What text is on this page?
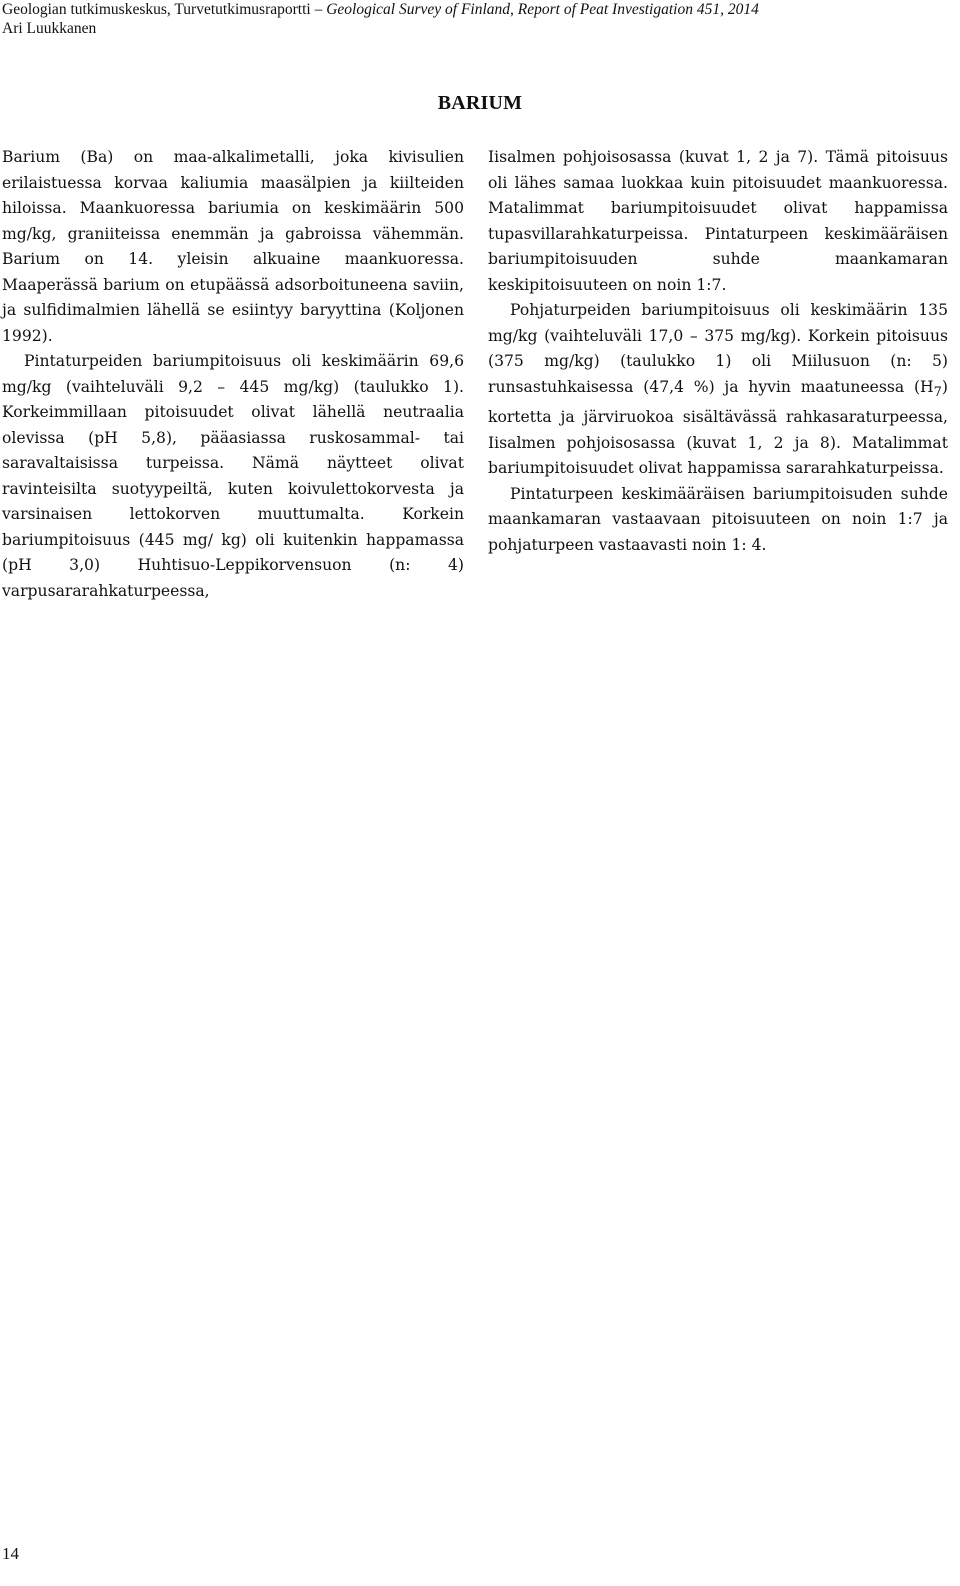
Geologian tutkimuskeskus, Turvetutkimusraportti – Geological Survey of Finland, Report of Peat Investigation 451, 2014
Ari Luukkanen
BARIUM

Barium (Ba) on maa-alkalimetalli, joka kivisulien erilaistuessa korvaa kaliumia maasälpien ja kiilteiden hiloissa. Maankuoressa bariumia on keskimäärin 500 mg/kg, graniiteissa enemmän ja gabroissa vähemmän. Barium on 14. yleisin alkuaine maankuoressa. Maaperässä barium on etupäässä adsorboituneena saviin, ja sulfidimalmien lähellä se esiintyy baryyttina (Koljonen 1992).

Pintaturpeiden bariumpitoisuus oli keskimäärin 69,6 mg/kg (vaihteluväli 9,2 – 445 mg/kg) (taulukko 1). Korkeimmillaan pitoisuudet olivat lähellä neutraalia olevissa (pH 5,8), pääasiassa ruskosammal- tai saravaltaisissa turpeissa. Nämä näytteet olivat ravinteisilta suotyypeiltä, kuten koivulettokorvesta ja varsinaisen lettokorven muuttumalta. Korkein bariumpitoisuus (445 mg/ kg) oli kuitenkin happamassa (pH 3,0) Huhtisuo-Leppikorvensuon (n: 4) varpusararahkaturpeessa,

Iisalmen pohjoisosassa (kuvat 1, 2 ja 7). Tämä pitoisuus oli lähes samaa luokkaa kuin pitoisuudet maankuoressa. Matalimmat bariumpitoisuudet olivat happamissa tupasvillarahkaturpeissa. Pintaturpeen keskimääräisen bariumpitoisuuden suhde maankamaran keskipitoisuuteen on noin 1:7.

Pohjaturpeiden bariumpitoisuus oli keskimäärin 135 mg/kg (vaihteluväli 17,0 – 375 mg/kg). Korkein pitoisuus (375 mg/kg) (taulukko 1) oli Miilusuon (n: 5) runsastuhkaisessa (47,4 %) ja hyvin maatuneessa $(H_7)$ kortetta ja järviruokoa sisältävässä rahkasaraturpeessa, Iisalmen pohjoisosassa (kuvat 1, 2 ja 8). Matalimmat bariumpitoisuudet olivat happamissa sararahkaturpeissa.

Pintaturpeen keskimääräisen bariumpitoisuden suhde maankamaran vastaavaan pitoisuuteen on noin 1:7 ja pohjaturpeen vastaavasti noin 1: 4.

14
